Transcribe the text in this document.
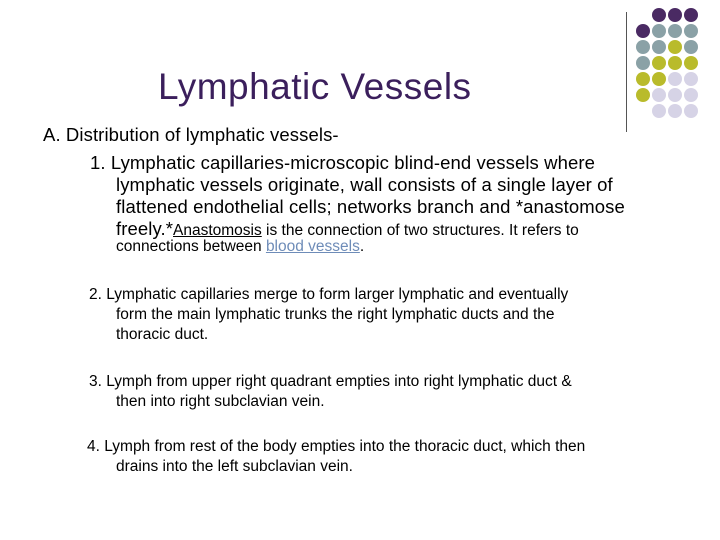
Lymphatic Vessels
A. Distribution of lymphatic vessels-
1. Lymphatic capillaries-microscopic blind-end vessels where
lymphatic vessels originate, wall consists of a single layer of
flattened endothelial cells; networks branch and *anastomose
freely.*Anastomosis is the connection of two structures. It refers to
connections between blood vessels.
2. Lymphatic capillaries merge to form larger lymphatic and eventually
form the main lymphatic trunks the right lymphatic ducts and the
thoracic duct.
3. Lymph from upper right quadrant empties into right lymphatic duct &
then into right subclavian vein.
4. Lymph from rest of the body empties into the thoracic duct, which then
drains into the left subclavian vein.
